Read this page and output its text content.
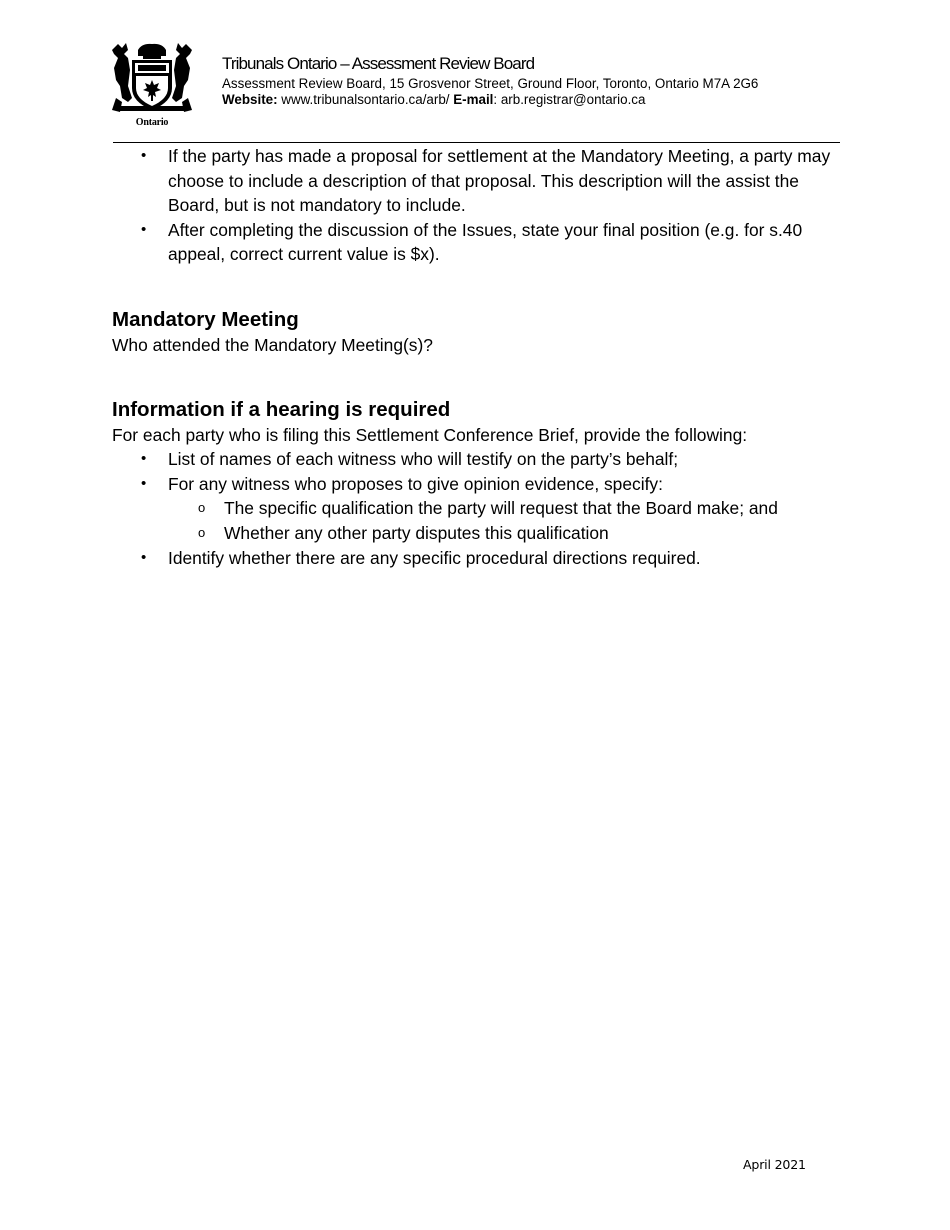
Ontario
Tribunals Ontario – Assessment Review Board
Assessment Review Board, 15 Grosvenor Street, Ground Floor, Toronto, Ontario M7A 2G6
Website: www.tribunalsontario.ca/arb/ E-mail: arb.registrar@ontario.ca
• If the party has made a proposal for settlement at the Mandatory Meeting, a party may choose to include a description of that proposal. This description will the assist the Board, but is not mandatory to include.
• After completing the discussion of the Issues, state your final position (e.g. for s.40 appeal, correct current value is $x).
Mandatory Meeting

Who attended the Mandatory Meeting(s)?

Information if a hearing is required

For each party who is filing this Settlement Conference Brief, provide the following:

• List of names of each witness who will testify on the party’s behalf;
• For any witness who proposes to give opinion evidence, specify:
o The specific qualification the party will request that the Board make; and
o Whether any other party disputes this qualification
• Identify whether there are any specific procedural directions required.
April 2021
